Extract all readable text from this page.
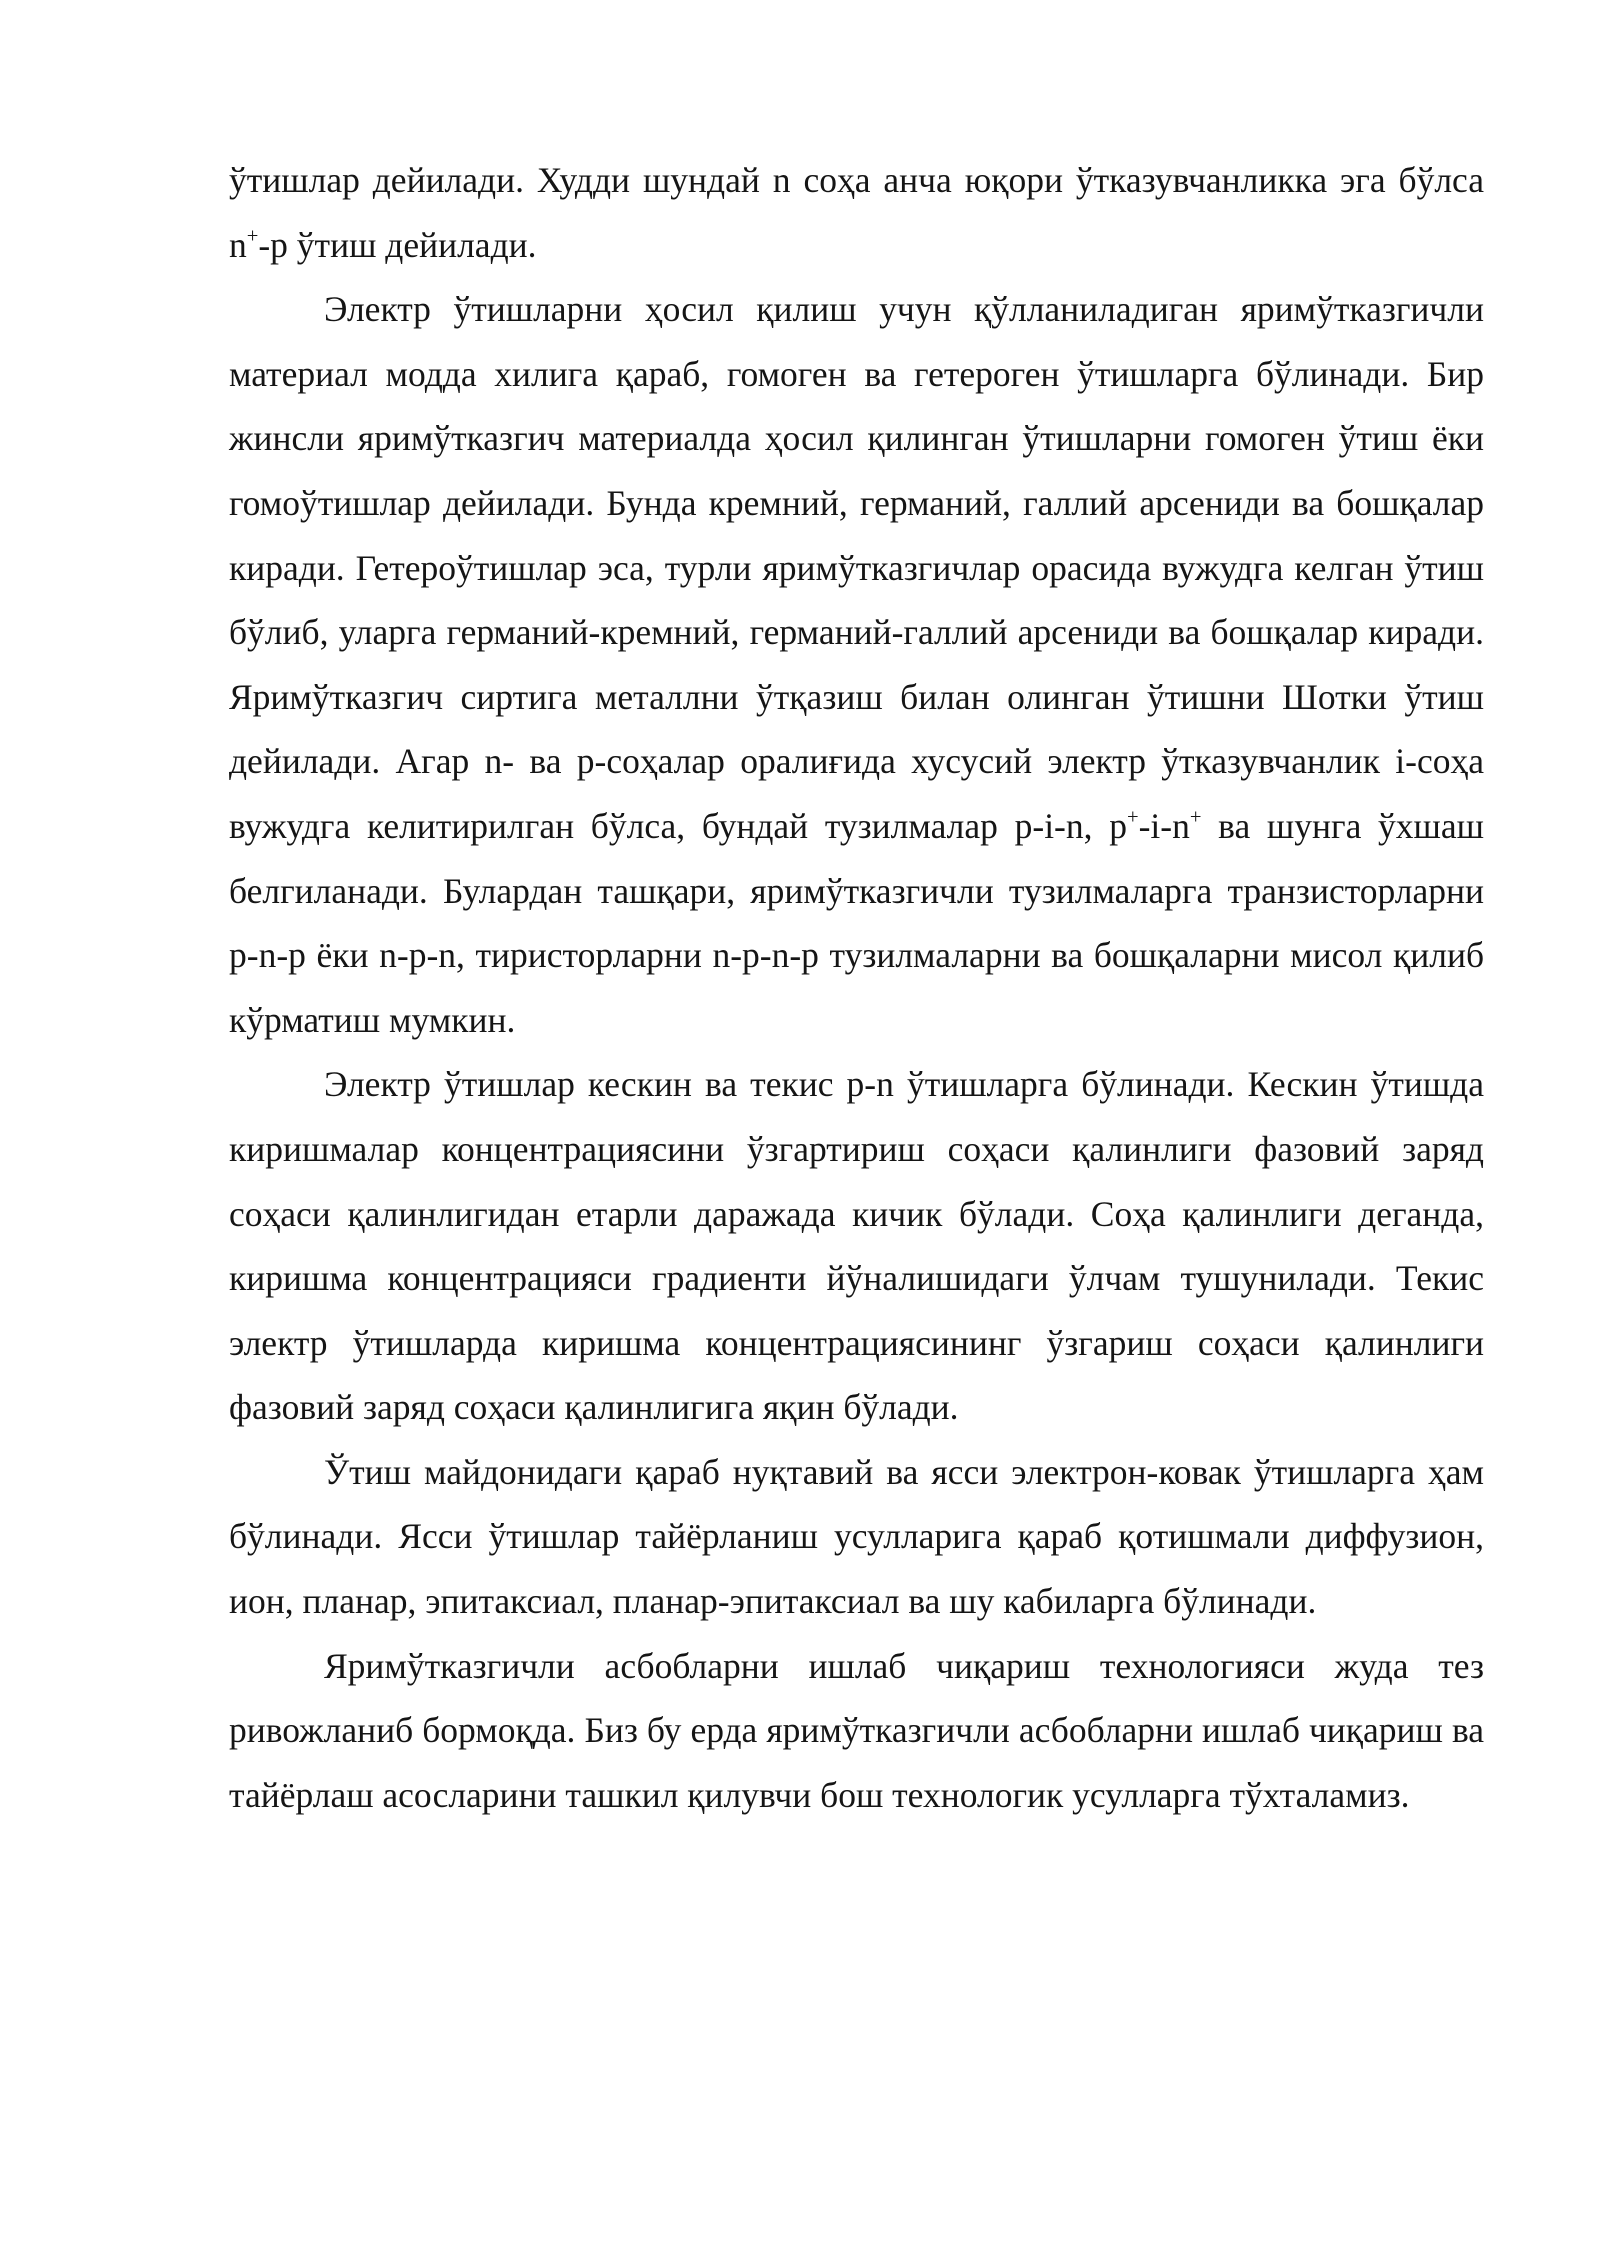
ўтишлар дейилади. Худди шундай n соҳа анча юқори ўтказувчанликка эга бўлса n+-р ўтиш дейилади.

Электр ўтишларни ҳосил қилиш учун қўлланиладиган яримўтказгичли материал модда хилига қараб, гомоген ва гетероген ўтишларга бўлинади. Бир жинсли яримўтказгич материалда ҳосил қилинган ўтишларни гомоген ўтиш ёки гомоўтишлар дейилади. Бунда кремний, германий, галлий арсениди ва бошқалар киради. Гетероўтишлар эса, турли яримўтказгичлар орасида вужудга келган ўтиш бўлиб, уларга германий-кремний, германий-галлий арсениди ва бошқалар киради. Яримўтказгич сиртига металлни ўтқазиш билан олинган ўтишни Шотки ўтиш дейилади. Агар n- ва р-соҳалар оралиғида хусусий электр ўтказувчанлик i-соҳа вужудга келитирилган бўлса, бундай тузилмалар р-i-n, р+-i-n+ ва шунга ўхшаш белгиланади. Булардан ташқари, яримўтказгичли тузилмаларга транзисторларни р-n-р ёки n-р-n, тиристорларни n-р-n-р тузилмаларни ва бошқаларни мисол қилиб кўрматиш мумкин.

Электр ўтишлар кескин ва текис р-n ўтишларга бўлинади. Кескин ўтишда киришмалар концентрациясини ўзгартириш соҳаси қалинлиги фазовий заряд соҳаси қалинлигидан етарли даражада кичик бўлади. Соҳа қалинлиги деганда, киришма концентрацияси градиенти йўналишидаги ўлчам тушунилади. Текис электр ўтишларда киришма концентрациясининг ўзгариш соҳаси қалинлиги фазовий заряд соҳаси қалинлигига яқин бўлади.

Ўтиш майдонидаги қараб нуқтавий ва ясси электрон-ковак ўтишларга ҳам бўлинади. Ясси ўтишлар тайёрланиш усулларига қараб қотишмали диффузион, ион, планар, эпитаксиал, планар-эпитаксиал ва шу кабиларга бўлинади.

Яримўтказгичли асбобларни ишлаб чиқариш технологияси жуда тез ривожланиб бормоқда. Биз бу ерда яримўтказгичли асбобларни ишлаб чиқариш ва тайёрлаш асосларини ташкил қилувчи бош технологик усулларга тўхталамиз.
